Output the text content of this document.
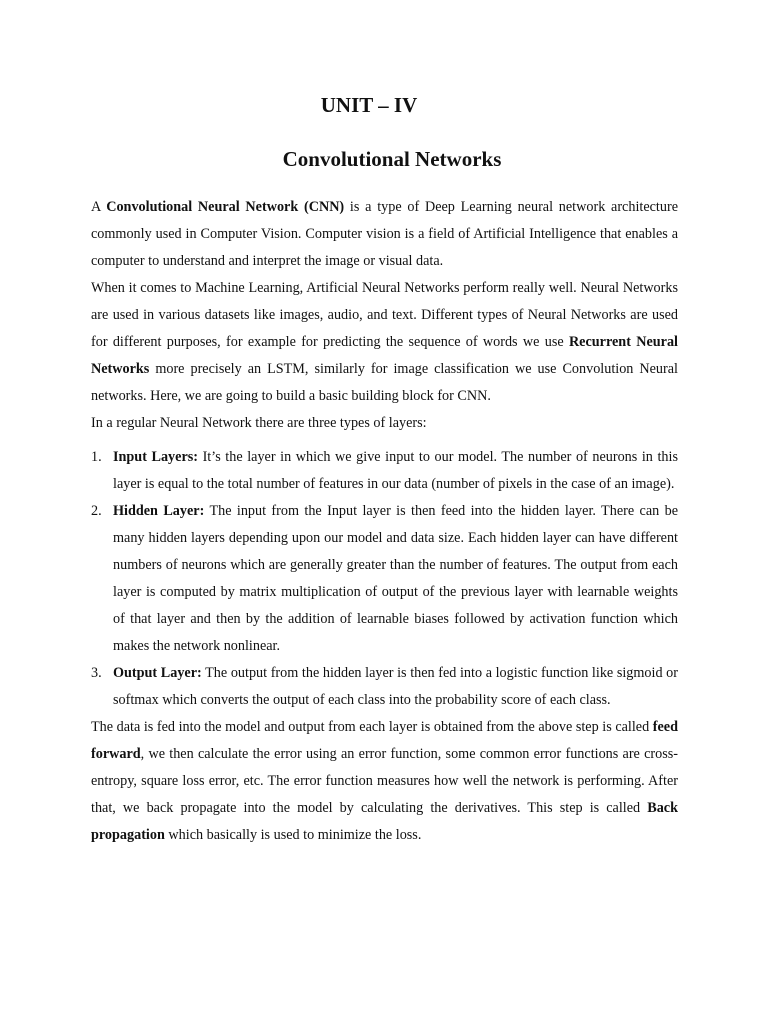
UNIT – IV
Convolutional Networks

A Convolutional Neural Network (CNN) is a type of Deep Learning neural network architecture commonly used in Computer Vision. Computer vision is a field of Artificial Intelligence that enables a computer to understand and interpret the image or visual data.

When it comes to Machine Learning, Artificial Neural Networks perform really well. Neural Networks are used in various datasets like images, audio, and text. Different types of Neural Networks are used for different purposes, for example for predicting the sequence of words we use Recurrent Neural Networks more precisely an LSTM, similarly for image classification we use Convolution Neural networks. Here, we are going to build a basic building block for CNN.

In a regular Neural Network there are three types of layers:

1. Input Layers: It’s the layer in which we give input to our model. The number of neurons in this layer is equal to the total number of features in our data (number of pixels in the case of an image).
2. Hidden Layer: The input from the Input layer is then feed into the hidden layer. There can be many hidden layers depending upon our model and data size. Each hidden layer can have different numbers of neurons which are generally greater than the number of features. The output from each layer is computed by matrix multiplication of output of the previous layer with learnable weights of that layer and then by the addition of learnable biases followed by activation function which makes the network nonlinear.
3. Output Layer: The output from the hidden layer is then fed into a logistic function like sigmoid or softmax which converts the output of each class into the probability score of each class.

The data is fed into the model and output from each layer is obtained from the above step is called feed forward, we then calculate the error using an error function, some common error functions are cross-entropy, square loss error, etc. The error function measures how well the network is performing. After that, we back propagate into the model by calculating the derivatives. This step is called Back propagation which basically is used to minimize the loss.
